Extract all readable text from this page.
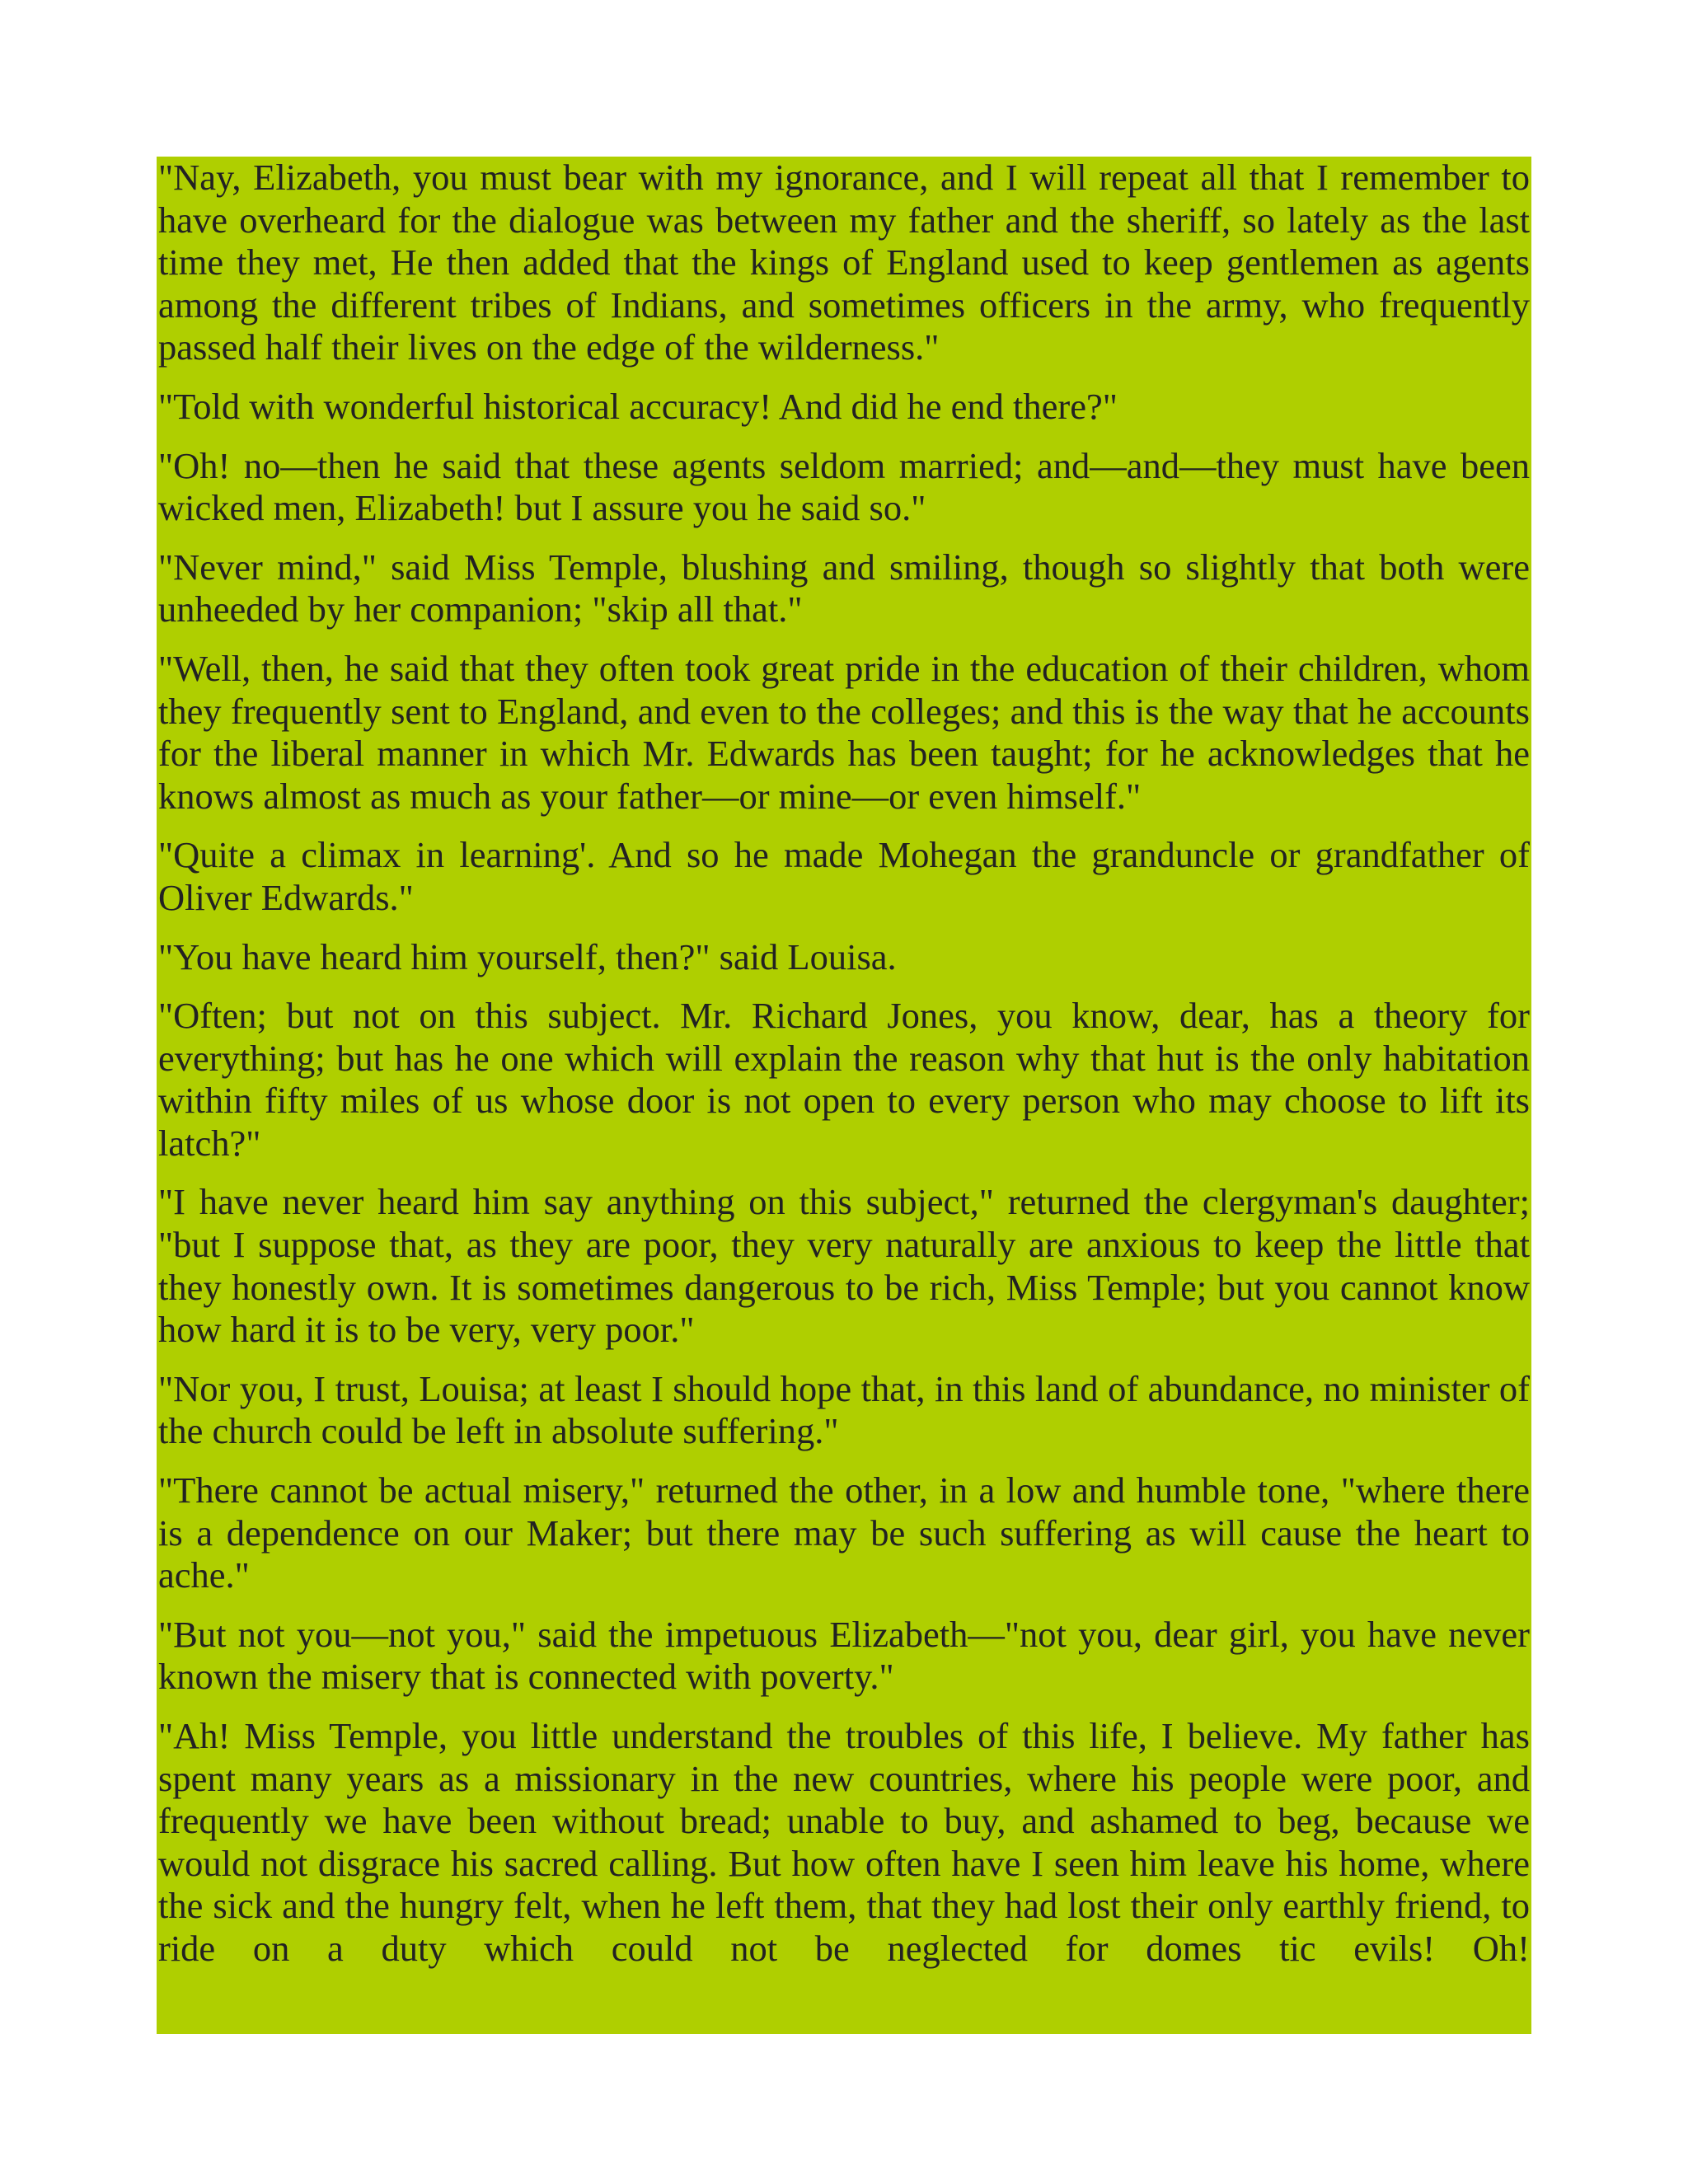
"Nay, Elizabeth, you must bear with my ignorance, and I will repeat all that I remember to have overheard for the dialogue was between my father and the sheriff, so lately as the last time they met, He then added that the kings of England used to keep gentlemen as agents among the different tribes of Indians, and sometimes officers in the army, who frequently passed half their lives on the edge of the wilderness."

"Told with wonderful historical accuracy! And did he end there?"

"Oh! no—then he said that these agents seldom married; and—and—they must have been wicked men, Elizabeth! but I assure you he said so."

"Never mind," said Miss Temple, blushing and smiling, though so slightly that both were unheeded by her companion; "skip all that."

"Well, then, he said that they often took great pride in the education of their children, whom they frequently sent to England, and even to the colleges; and this is the way that he accounts for the liberal manner in which Mr. Edwards has been taught; for he acknowledges that he knows almost as much as your father—or mine—or even himself."

"Quite a climax in learning'. And so he made Mohegan the granduncle or grandfather of Oliver Edwards."

"You have heard him yourself, then?" said Louisa.

"Often; but not on this subject. Mr. Richard Jones, you know, dear, has a theory for everything; but has he one which will explain the reason why that hut is the only habitation within fifty miles of us whose door is not open to every person who may choose to lift its latch?"

"I have never heard him say anything on this subject," returned the clergyman's daughter; "but I suppose that, as they are poor, they very naturally are anxious to keep the little that they honestly own. It is sometimes dangerous to be rich, Miss Temple; but you cannot know how hard it is to be very, very poor."

"Nor you, I trust, Louisa; at least I should hope that, in this land of abundance, no minister of the church could be left in absolute suffering."

"There cannot be actual misery," returned the other, in a low and humble tone, "where there is a dependence on our Maker; but there may be such suffering as will cause the heart to ache."

"But not you—not you," said the impetuous Elizabeth—"not you, dear girl, you have never known the misery that is connected with poverty."

"Ah! Miss Temple, you little understand the troubles of this life, I believe. My father has spent many years as a missionary in the new countries, where his people were poor, and frequently we have been without bread; unable to buy, and ashamed to beg, because we would not disgrace his sacred calling. But how often have I seen him leave his home, where the sick and the hungry felt, when he left them, that they had lost their only earthly friend, to ride on a duty which could not be neglected for domes tic evils! Oh!
